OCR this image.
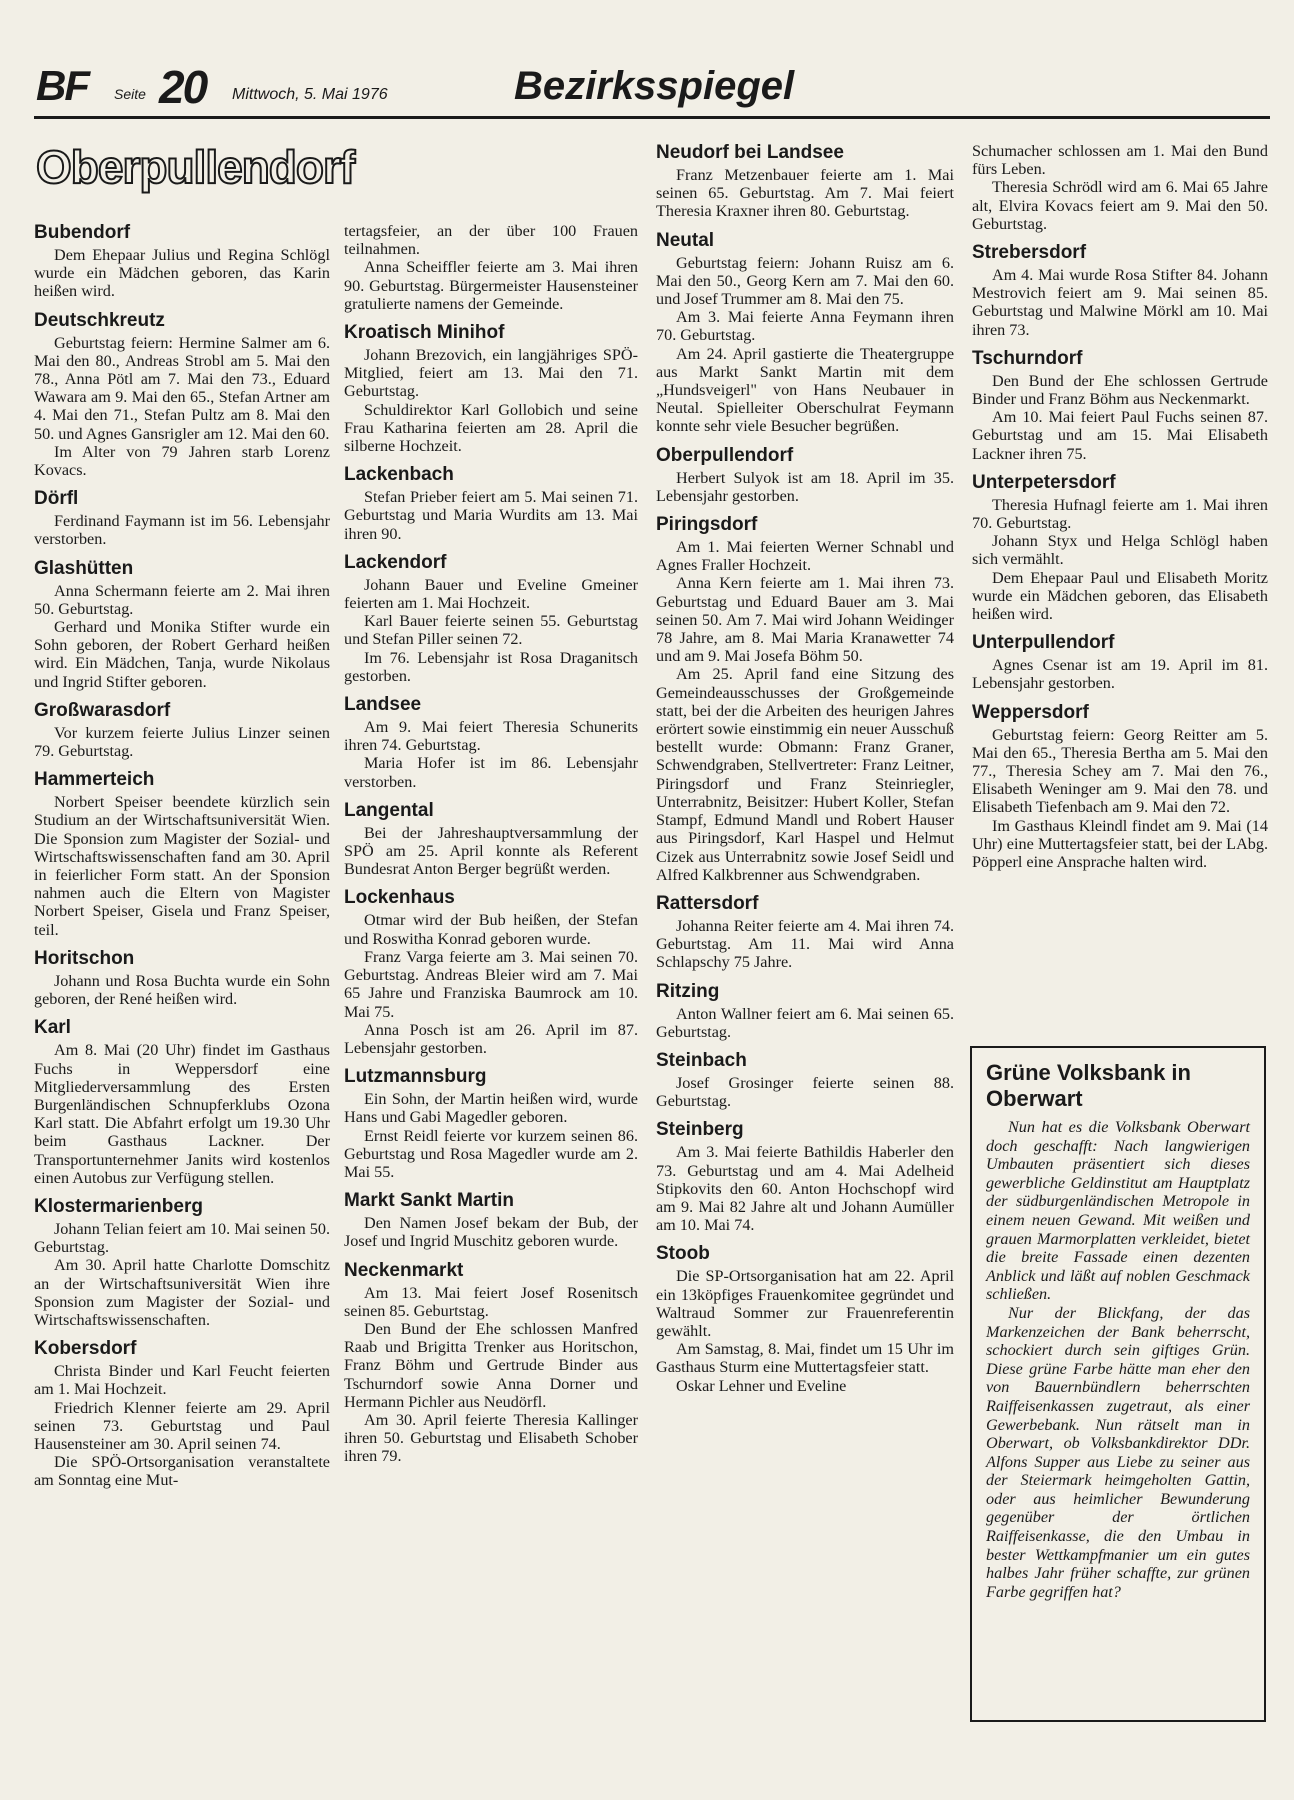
BF Seite 20 Mittwoch, 5. Mai 1976	Bezirksspiegel
Oberpullendorf
Bubendorf

Dem Ehepaar Julius und Regina Schlögl wurde ein Mädchen geboren, das Karin heißen wird.

Deutschkreutz

Geburtstag feiern: Hermine Salmer am 6. Mai den 80., Andreas Strobl am 5. Mai den 78., Anna Pötl am 7. Mai den 73., Eduard Wawara am 9. Mai den 65., Stefan Artner am 4. Mai den 71., Stefan Pultz am 8. Mai den 50. und Agnes Gansrigler am 12. Mai den 60.

Im Alter von 79 Jahren starb Lorenz Kovacs.

Dörfl

Ferdinand Faymann ist im 56. Lebensjahr verstorben.

Glashütten

Anna Schermann feierte am 2. Mai ihren 50. Geburtstag.

Gerhard und Monika Stifter wurde ein Sohn geboren, der Robert Gerhard heißen wird. Ein Mädchen, Tanja, wurde Nikolaus und Ingrid Stifter geboren.

Großwarasdorf

Vor kurzem feierte Julius Linzer seinen 79. Geburtstag.

Hammerteich

Norbert Speiser beendete kürzlich sein Studium an der Wirtschaftsuniversität Wien. Die Sponsion zum Magister der Sozial- und Wirtschaftswissenschaften fand am 30. April in feierlicher Form statt. An der Sponsion nahmen auch die Eltern von Magister Norbert Speiser, Gisela und Franz Speiser, teil.

Horitschon

Johann und Rosa Buchta wurde ein Sohn geboren, der René heißen wird.

Karl

Am 8. Mai (20 Uhr) findet im Gasthaus Fuchs in Weppersdorf eine Mitgliederversammlung des Ersten Burgenländischen Schnupferklubs Ozona Karl statt. Die Abfahrt erfolgt um 19.30 Uhr beim Gasthaus Lackner. Der Transportunternehmer Janits wird kostenlos einen Autobus zur Verfügung stellen.

Klostermarienberg

Johann Telian feiert am 10. Mai seinen 50. Geburtstag.

Am 30. April hatte Charlotte Domschitz an der Wirtschaftsuniversität Wien ihre Sponsion zum Magister der Sozial- und Wirtschaftswissenschaften.

Kobersdorf

Christa Binder und Karl Feucht feierten am 1. Mai Hochzeit.

Friedrich Klenner feierte am 29. April seinen 73. Geburtstag und Paul Hausensteiner am 30. April seinen 74.

Die SPÖ-Ortsorganisation veranstaltete am Sonntag eine Mut-

tertagsfeier, an der über 100 Frauen teilnahmen.

Anna Scheiffler feierte am 3. Mai ihren 90. Geburtstag. Bürgermeister Hausensteiner gratulierte namens der Gemeinde.

Kroatisch Minihof

Johann Brezovich, ein langjähriges SPÖ-Mitglied, feiert am 13. Mai den 71. Geburtstag.

Schuldirektor Karl Gollobich und seine Frau Katharina feierten am 28. April die silberne Hochzeit.

Lackenbach

Stefan Prieber feiert am 5. Mai seinen 71. Geburtstag und Maria Wurdits am 13. Mai ihren 90.

Lackendorf

Johann Bauer und Eveline Gmeiner feierten am 1. Mai Hochzeit.

Karl Bauer feierte seinen 55. Geburtstag und Stefan Piller seinen 72.

Im 76. Lebensjahr ist Rosa Draganitsch gestorben.

Landsee

Am 9. Mai feiert Theresia Schunerits ihren 74. Geburtstag.

Maria Hofer ist im 86. Lebensjahr verstorben.

Langental

Bei der Jahreshauptversammlung der SPÖ am 25. April konnte als Referent Bundesrat Anton Berger begrüßt werden.

Lockenhaus

Otmar wird der Bub heißen, der Stefan und Roswitha Konrad geboren wurde.

Franz Varga feierte am 3. Mai seinen 70. Geburtstag. Andreas Bleier wird am 7. Mai 65 Jahre und Franziska Baumrock am 10. Mai 75.

Anna Posch ist am 26. April im 87. Lebensjahr gestorben.

Lutzmannsburg

Ein Sohn, der Martin heißen wird, wurde Hans und Gabi Magedler geboren.

Ernst Reidl feierte vor kurzem seinen 86. Geburtstag und Rosa Magedler wurde am 2. Mai 55.

Markt Sankt Martin

Den Namen Josef bekam der Bub, der Josef und Ingrid Muschitz geboren wurde.

Neckenmarkt

Am 13. Mai feiert Josef Rosenitsch seinen 85. Geburtstag.

Den Bund der Ehe schlossen Manfred Raab und Brigitta Trenker aus Horitschon, Franz Böhm und Gertrude Binder aus Tschurndorf sowie Anna Dorner und Hermann Pichler aus Neudörfl.

Am 30. April feierte Theresia Kallinger ihren 50. Geburtstag und Elisabeth Schober ihren 79.

Neudorf bei Landsee

Franz Metzenbauer feierte am 1. Mai seinen 65. Geburtstag. Am 7. Mai feiert Theresia Kraxner ihren 80. Geburtstag.

Neutal

Geburtstag feiern: Johann Ruisz am 6. Mai den 50., Georg Kern am 7. Mai den 60. und Josef Trummer am 8. Mai den 75.

Am 3. Mai feierte Anna Feymann ihren 70. Geburtstag.

Am 24. April gastierte die Theatergruppe aus Markt Sankt Martin mit dem „Hundsveigerl" von Hans Neubauer in Neutal. Spielleiter Oberschulrat Feymann konnte sehr viele Besucher begrüßen.

Oberpullendorf

Herbert Sulyok ist am 18. April im 35. Lebensjahr gestorben.

Piringsdorf

Am 1. Mai feierten Werner Schnabl und Agnes Fraller Hochzeit.

Anna Kern feierte am 1. Mai ihren 73. Geburtstag und Eduard Bauer am 3. Mai seinen 50. Am 7. Mai wird Johann Weidinger 78 Jahre, am 8. Mai Maria Kranawetter 74 und am 9. Mai Josefa Böhm 50.

Am 25. April fand eine Sitzung des Gemeindeausschusses der Großgemeinde statt, bei der die Arbeiten des heurigen Jahres erörtert sowie einstimmig ein neuer Ausschuß bestellt wurde: Obmann: Franz Graner, Schwendgraben, Stellvertreter: Franz Leitner, Piringsdorf und Franz Steinriegler, Unterrabnitz, Beisitzer: Hubert Koller, Stefan Stampf, Edmund Mandl und Robert Hauser aus Piringsdorf, Karl Haspel und Helmut Cizek aus Unterrabnitz sowie Josef Seidl und Alfred Kalkbrenner aus Schwendgraben.

Rattersdorf

Johanna Reiter feierte am 4. Mai ihren 74. Geburtstag. Am 11. Mai wird Anna Schlapschy 75 Jahre.

Ritzing

Anton Wallner feiert am 6. Mai seinen 65. Geburtstag.

Steinbach

Josef Grosinger feierte seinen 88. Geburtstag.

Steinberg

Am 3. Mai feierte Bathildis Haberler den 73. Geburtstag und am 4. Mai Adelheid Stipkovits den 60. Anton Hochschopf wird am 9. Mai 82 Jahre alt und Johann Aumüller am 10. Mai 74.

Stoob

Die SP-Ortsorganisation hat am 22. April ein 13köpfiges Frauenkomitee gegründet und Waltraud Sommer zur Frauenreferentin gewählt.

Am Samstag, 8. Mai, findet um 15 Uhr im Gasthaus Sturm eine Muttertagsfeier statt.

Oskar Lehner und Eveline

Schumacher schlossen am 1. Mai den Bund fürs Leben.

Theresia Schrödl wird am 6. Mai 65 Jahre alt, Elvira Kovacs feiert am 9. Mai den 50. Geburtstag.

Strebersdorf

Am 4. Mai wurde Rosa Stifter 84. Johann Mestrovich feiert am 9. Mai seinen 85. Geburtstag und Malwine Mörkl am 10. Mai ihren 73.

Tschurndorf

Den Bund der Ehe schlossen Gertrude Binder und Franz Böhm aus Neckenmarkt.

Am 10. Mai feiert Paul Fuchs seinen 87. Geburtstag und am 15. Mai Elisabeth Lackner ihren 75.

Unterpetersdorf

Theresia Hufnagl feierte am 1. Mai ihren 70. Geburtstag.

Johann Styx und Helga Schlögl haben sich vermählt.

Dem Ehepaar Paul und Elisabeth Moritz wurde ein Mädchen geboren, das Elisabeth heißen wird.

Unterpullendorf

Agnes Csenar ist am 19. April im 81. Lebensjahr gestorben.

Weppersdorf

Geburtstag feiern: Georg Reitter am 5. Mai den 65., Theresia Bertha am 5. Mai den 77., Theresia Schey am 7. Mai den 76., Elisabeth Weninger am 9. Mai den 78. und Elisabeth Tiefenbach am 9. Mai den 72.

Im Gasthaus Kleindl findet am 9. Mai (14 Uhr) eine Muttertagsfeier statt, bei der LAbg. Pöpperl eine Ansprache halten wird.

Grüne Volksbank in Oberwart

Nun hat es die Volksbank Oberwart doch geschafft: Nach langwierigen Umbauten präsentiert sich dieses gewerbliche Geldinstitut am Hauptplatz der südburgenländischen Metropole in einem neuen Gewand. Mit weißen und grauen Marmorplatten verkleidet, bietet die breite Fassade einen dezenten Anblick und läßt auf noblen Geschmack schließen.

Nur der Blickfang, der das Markenzeichen der Bank beherrscht, schockiert durch sein giftiges Grün. Diese grüne Farbe hätte man eher den von Bauernbündlern beherrschten Raiffeisenkassen zugetraut, als einer Gewerbebank. Nun rätselt man in Oberwart, ob Volksbankdirektor DDr. Alfons Supper aus Liebe zu seiner aus der Steiermark heimgeholten Gattin, oder aus heimlicher Bewunderung gegenüber der örtlichen Raiffeisenkasse, die den Umbau in bester Wettkampfmanier um ein gutes halbes Jahr früher schaffte, zur grünen Farbe gegriffen hat?
